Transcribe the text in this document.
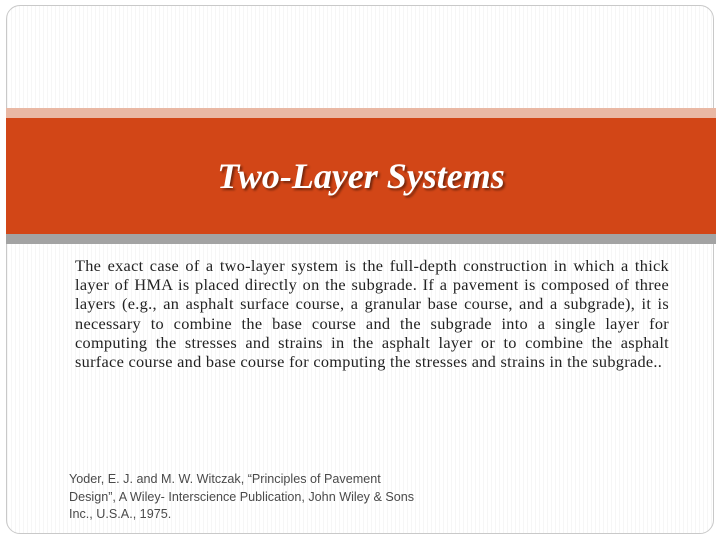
Two-Layer Systems

The exact case of a two-layer system is the full-depth construction in which a thick layer of HMA is placed directly on the subgrade. If a pavement is composed of three layers (e.g., an asphalt surface course, a granular base course, and a subgrade), it is necessary to combine the base course and the subgrade into a single layer for computing the stresses and strains in the asphalt layer or to combine the asphalt surface course and base course for computing the stresses and strains in the subgrade..

Yoder, E. J. and M. W. Witczak, “Principles of Pavement Design”, A Wiley- Interscience Publication, John Wiley & Sons Inc., U.S.A., 1975.
